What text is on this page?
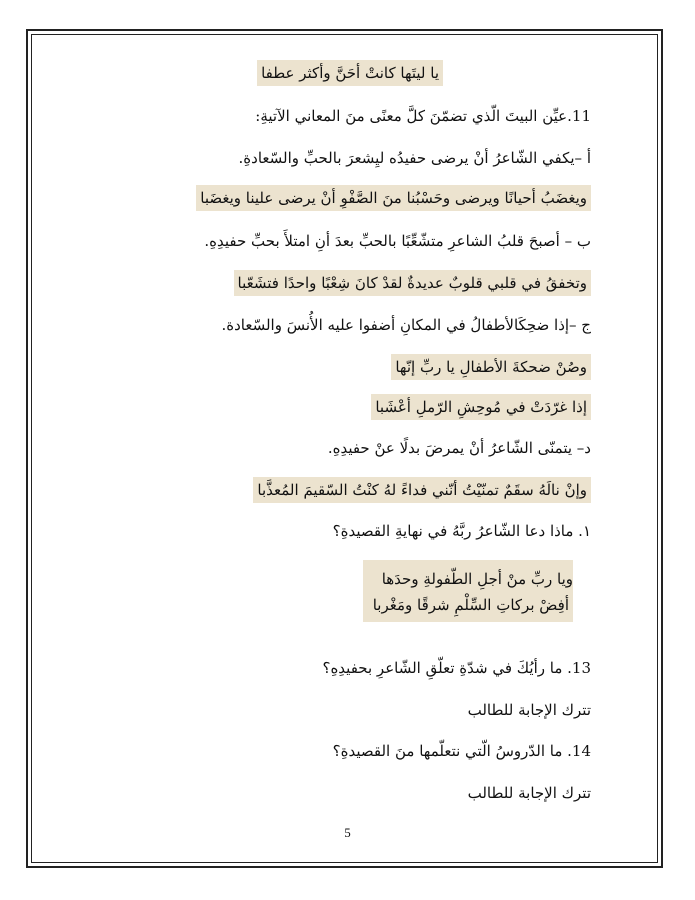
يا ليتَها كانتْ أحَنَّ وأكثر عطفا
11.عيِّن البيتَ الّذي تضمّنَ كلَّ معنًى منَ المعاني الآتيةِ:
أ –يكفي الشّاعرُ أنْ يرضى حفيدُه ليِشعرَ بالحبِّ والسّعادةِ.
ويغضَبُ أحيانًا ويرضى وحَسْبُنا منَ الصَّفْوِ أنْ يرضى علينا ويغضَبا
ب – أصبحَ قلبُ الشاعرِ متشّعِّبًا بالحبِّ بعدَ أنِ امتلأَ بحبِّ حفيدِهِ.
وتخفقُ في قلبي قلوبٌ عديدةٌ لقدْ كانَ شِعْبًا واحدًا فتشَعّبا
ج –إذا ضحِكَالأطفالُ في المكانِ أضفوا عليه الأُنسَ والسّعادة.
وصُنْ ضحكةَ الأطفالِ يا ربِّ إنّها
إذا غرّدَتْ في مُوحِشِ الرّملِ أعْشَبا
د– يتمنّى الشّاعرُ أنْ يمرضَ بدلًا عنْ حفيدِهِ.
وإنْ نالَهُ سقَمٌ تمنّيْتُ أنّني فداءً لهُ كنْتُ السّقيمَ المُعذَّبا
١. ماذا دعا الشّاعرُ ربَّهُ في نهايةِ القصيدةِ؟
ويا ربِّ منْ أجلِ الطّفولةِ وحدَها
أفِضْ بركاتِ السِّلْمِ شرقًا ومَغْربا
13. ما رأيُكَ في شدّةِ تعلّقِ الشّاعرِ بحفيدِهِ؟
تترك الإجابة للطالب
14. ما الدّروسُ الّتي نتعلّمها منَ القصيدةِ؟
تترك الإجابة للطالب
5
